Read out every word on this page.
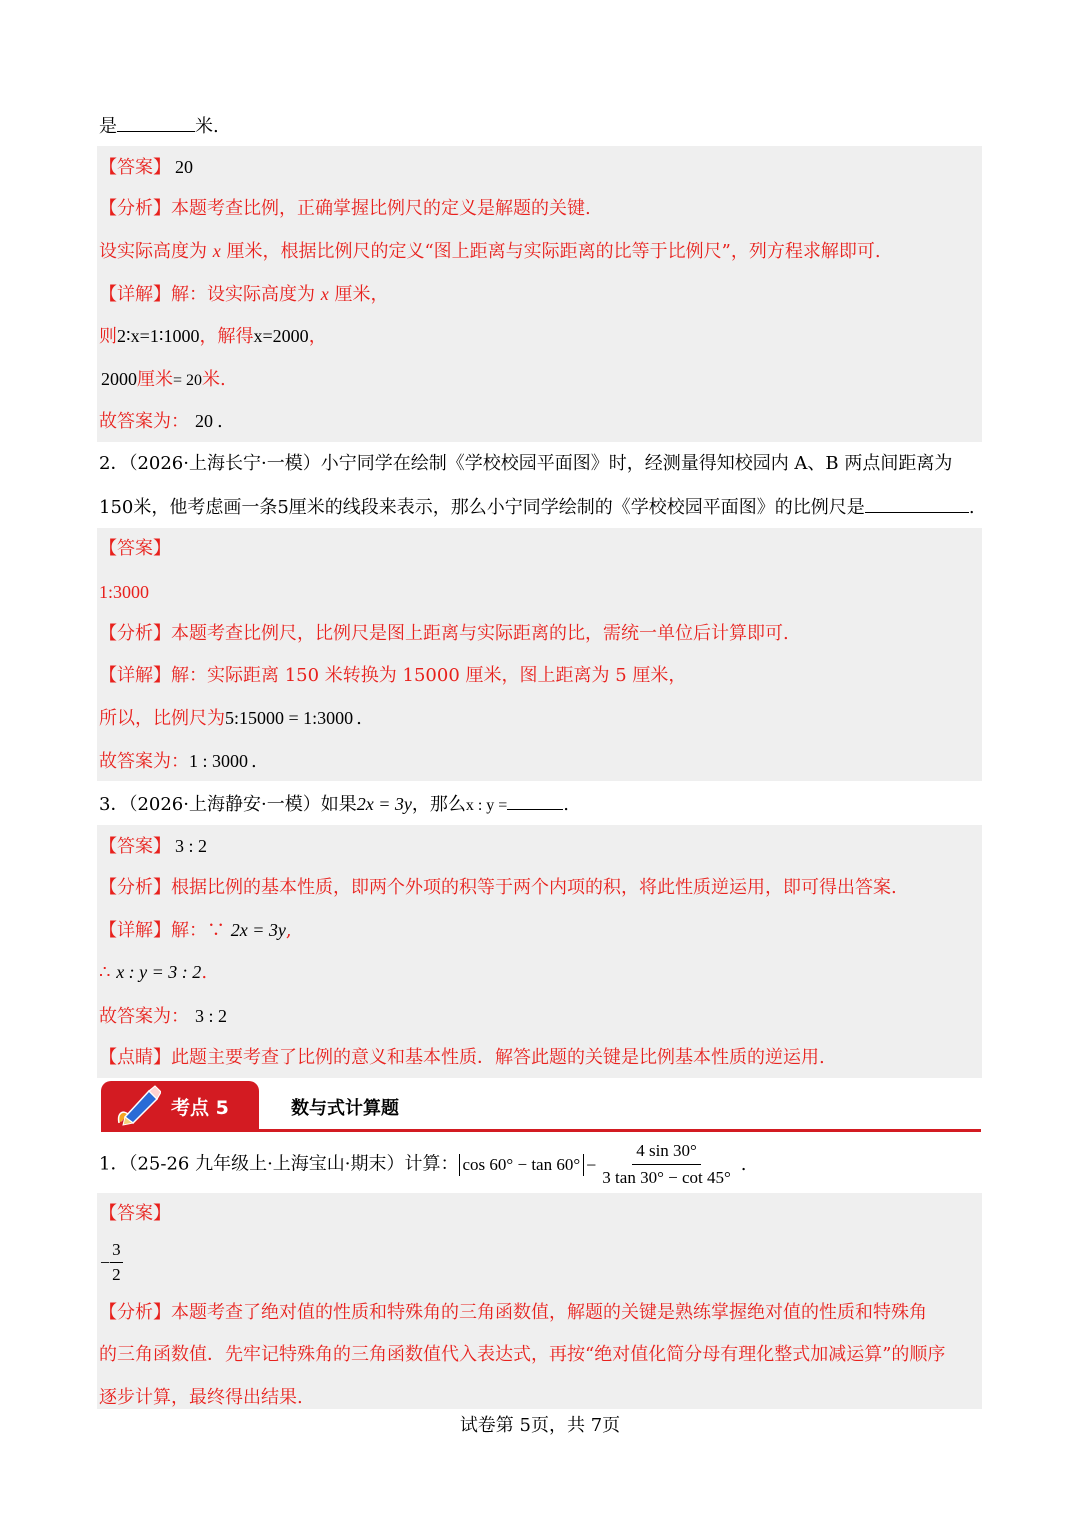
是	米.
【答案】 20
【分析】本题考查比例，正确掌握比例尺的定义是解题的关键.
设实际高度为 x 厘米，根据比例尺的定义“图上距离与实际距离的比等于比例尺”，列方程求解即可.
【详解】解：设实际高度为 x 厘米，
则2∶x=1∶1000，解得x=2000，
2000厘米= 20米.
故答案为： 20 .
2．（2026·上海长宁·一模）小宁同学在绘制《学校校园平面图》时，经测量得知校园内 A、B 两点间距离为
150米，他考虑画一条5厘米的线段来表示，那么小宁同学绘制的《学校校园平面图》的比例尺是	.
【答案】
1:3000
【分析】本题考查比例尺，比例尺是图上距离与实际距离的比，需统一单位后计算即可.
【详解】解：实际距离 150 米转换为 15000 厘米，图上距离为 5 厘米，
所以，比例尺为5:15000 = 1:3000 .
故答案为：1 : 3000 .
3．（2026·上海静安·一模）如果2x = 3y，那么x : y =	.
【答案】 3 : 2
【分析】根据比例的基本性质，即两个外项的积等于两个内项的积，将此性质逆运用，即可得出答案.
【详解】解：∵ 2x = 3y,
∴ x : y = 3 : 2.
故答案为： 3 : 2
【点睛】此题主要考查了比例的意义和基本性质．解答此题的关键是比例基本性质的逆运用.
考点 5	数与式计算题
1．（25-26 九年级上·上海宝山·期末）计算： $\cos 60^\circ - \tan 60^\circ - \frac{4 \sin 30^\circ}{3 \tan 30^\circ - \cot 45^\circ}$ .
【答案】
− $\frac{3}{2}$
【分析】本题考查了绝对值的性质和特殊角的三角函数值，解题的关键是熟练掌握绝对值的性质和特殊角
的三角函数值．先牢记特殊角的三角函数值代入表达式，再按“绝对值化简分母有理化整式加减运算”的顺序
逐步计算，最终得出结果.
试卷第 5页，共 7页
